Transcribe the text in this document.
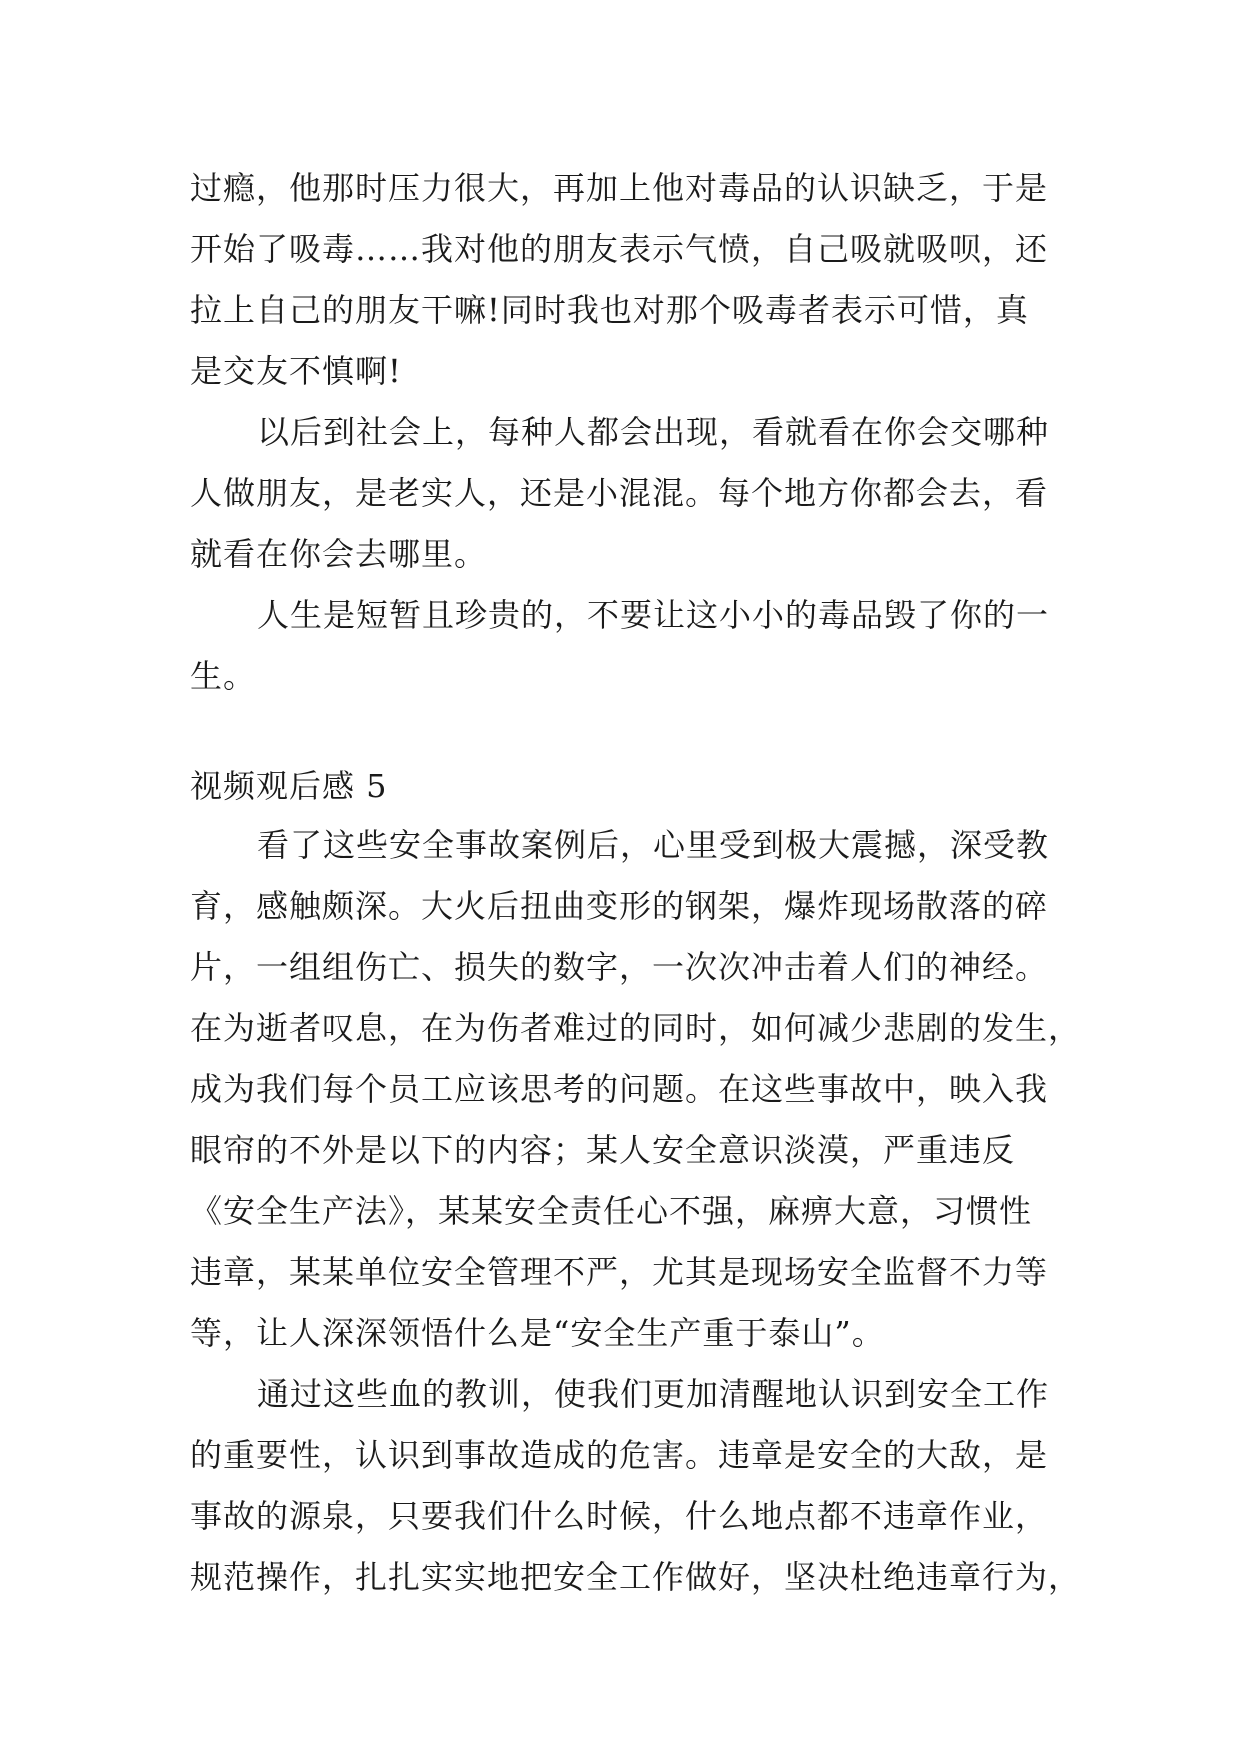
过瘾，他那时压力很大，再加上他对毒品的认识缺乏，于是
开始了吸毒……我对他的朋友表示气愤，自己吸就吸呗，还
拉上自己的朋友干嘛!同时我也对那个吸毒者表示可惜，真
是交友不慎啊!
以后到社会上，每种人都会出现，看就看在你会交哪种
人做朋友，是老实人，还是小混混。每个地方你都会去，看
就看在你会去哪里。
人生是短暂且珍贵的，不要让这小小的毒品毁了你的一
生。
视频观后感 5
看了这些安全事故案例后，心里受到极大震撼，深受教
育，感触颇深。大火后扭曲变形的钢架，爆炸现场散落的碎
片，一组组伤亡、损失的数字，一次次冲击着人们的神经。
在为逝者叹息，在为伤者难过的同时，如何减少悲剧的发生，
成为我们每个员工应该思考的问题。在这些事故中，映入我
眼帘的不外是以下的内容；某人安全意识淡漠，严重违反
《安全生产法》，某某安全责任心不强，麻痹大意，习惯性
违章，某某单位安全管理不严，尤其是现场安全监督不力等
等，让人深深领悟什么是“安全生产重于泰山”。
通过这些血的教训，使我们更加清醒地认识到安全工作
的重要性，认识到事故造成的危害。违章是安全的大敌，是
事故的源泉，只要我们什么时候，什么地点都不违章作业，
规范操作，扎扎实实地把安全工作做好，坚决杜绝违章行为，
